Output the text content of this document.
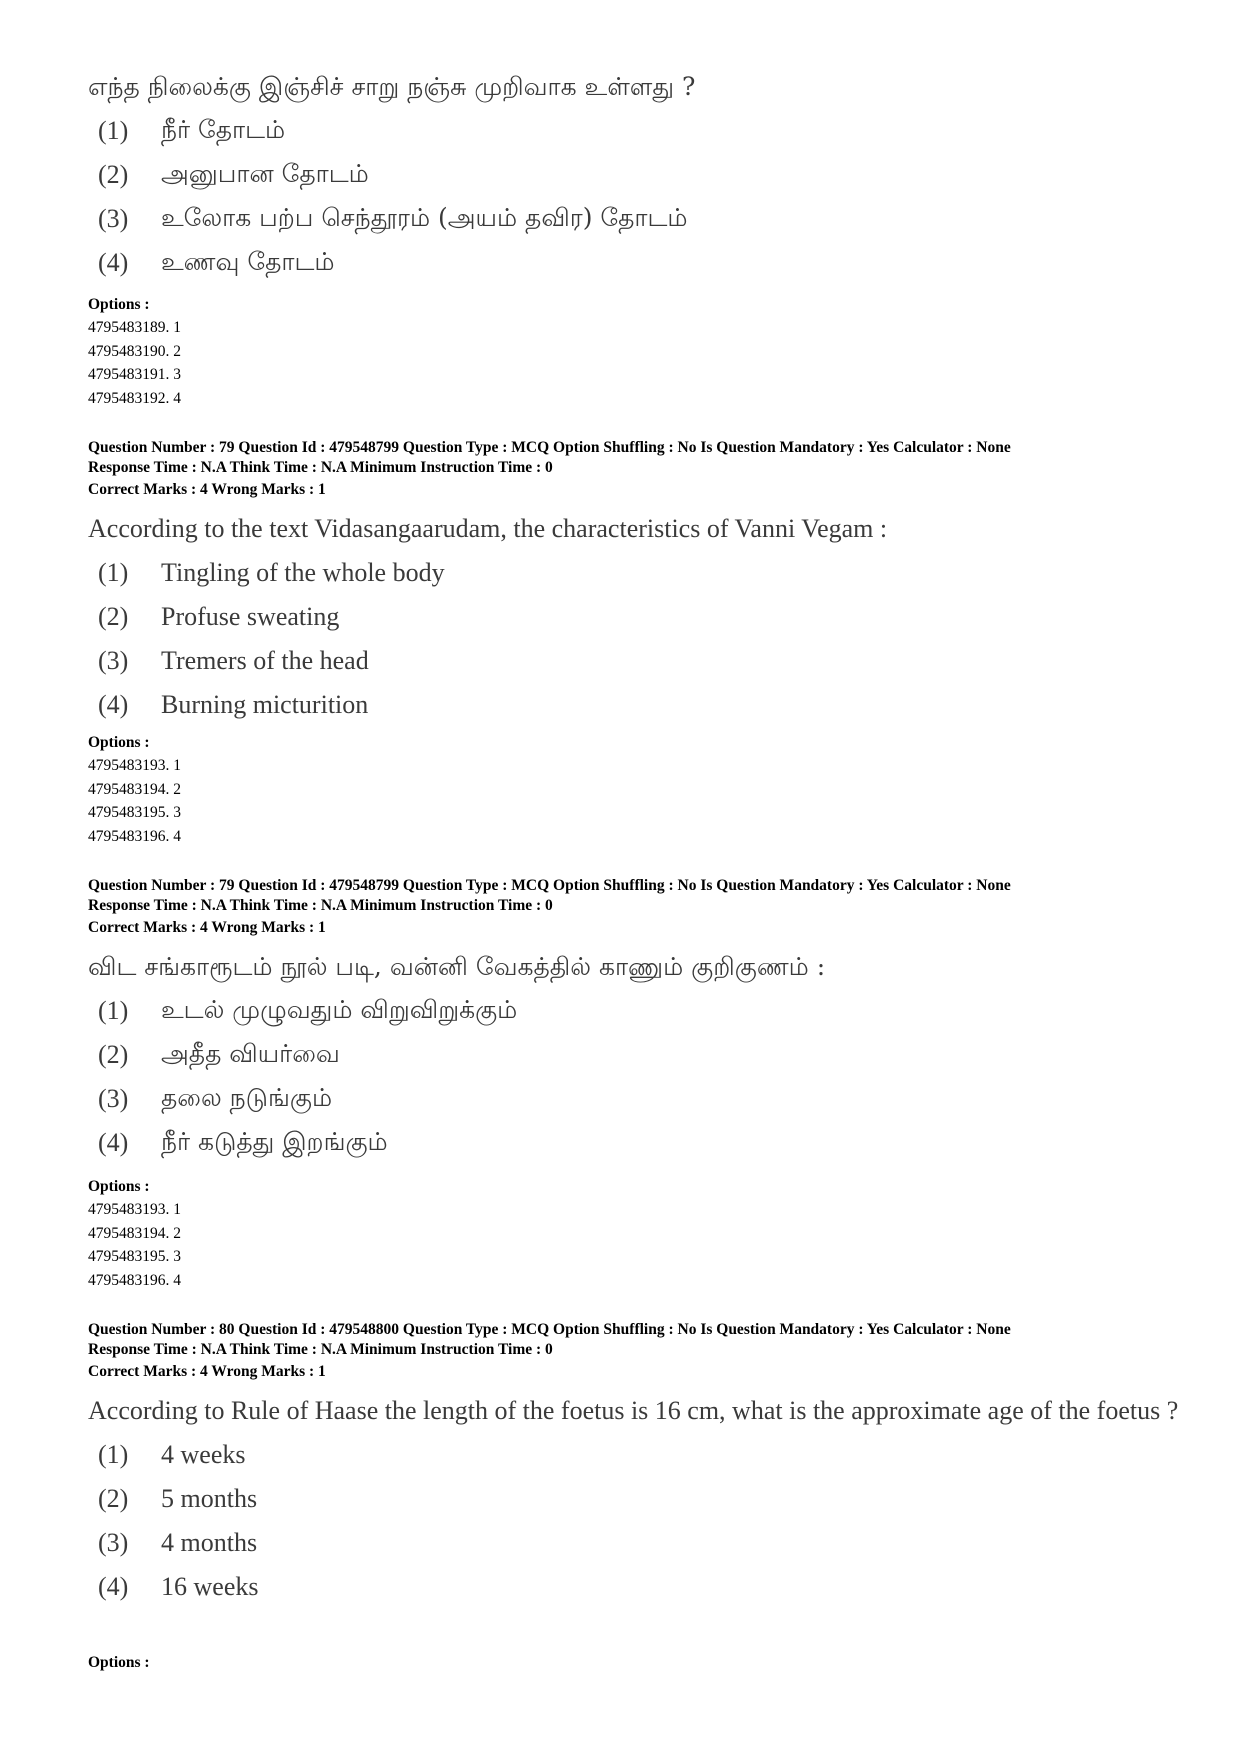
எந்த நிலைக்கு இஞ்சிச் சாறு நஞ்சு முறிவாக உள்ளது ?

(1)	நீர் தோடம்
(2)	அனுபான தோடம்
(3)	உலோக பற்ப செந்தூரம் (அயம் தவிர) தோடம்
(4)	உணவு தோடம்
Options :
4795483189. 1
4795483190. 2
4795483191. 3
4795483192. 4
Question Number : 79 Question Id : 479548799 Question Type : MCQ Option Shuffling : No Is Question Mandatory : Yes Calculator : None
Response Time : N.A Think Time : N.A Minimum Instruction Time : 0
Correct Marks : 4 Wrong Marks : 1

According to the text Vidasangaarudam, the characteristics of Vanni Vegam :

(1)	Tingling of the whole body
(2)	Profuse sweating
(3)	Tremers of the head
(4)	Burning micturition
Options :
4795483193. 1
4795483194. 2
4795483195. 3
4795483196. 4
Question Number : 79 Question Id : 479548799 Question Type : MCQ Option Shuffling : No Is Question Mandatory : Yes Calculator : None
Response Time : N.A Think Time : N.A Minimum Instruction Time : 0
Correct Marks : 4 Wrong Marks : 1

விட சங்காரூடம் நூல் படி, வன்னி வேகத்தில் காணும் குறிகுணம் :

(1)	உடல் முழுவதும் விறுவிறுக்கும்
(2)	அதீத வியர்வை
(3)	தலை நடுங்கும்
(4)	நீர் கடுத்து இறங்கும்
Options :
4795483193. 1
4795483194. 2
4795483195. 3
4795483196. 4
Question Number : 80 Question Id : 479548800 Question Type : MCQ Option Shuffling : No Is Question Mandatory : Yes Calculator : None
Response Time : N.A Think Time : N.A Minimum Instruction Time : 0
Correct Marks : 4 Wrong Marks : 1

According to Rule of Haase the length of the foetus is 16 cm, what is the approximate age of the foetus ?

(1)	4 weeks
(2)	5 months
(3)	4 months
(4)	16 weeks
Options :
